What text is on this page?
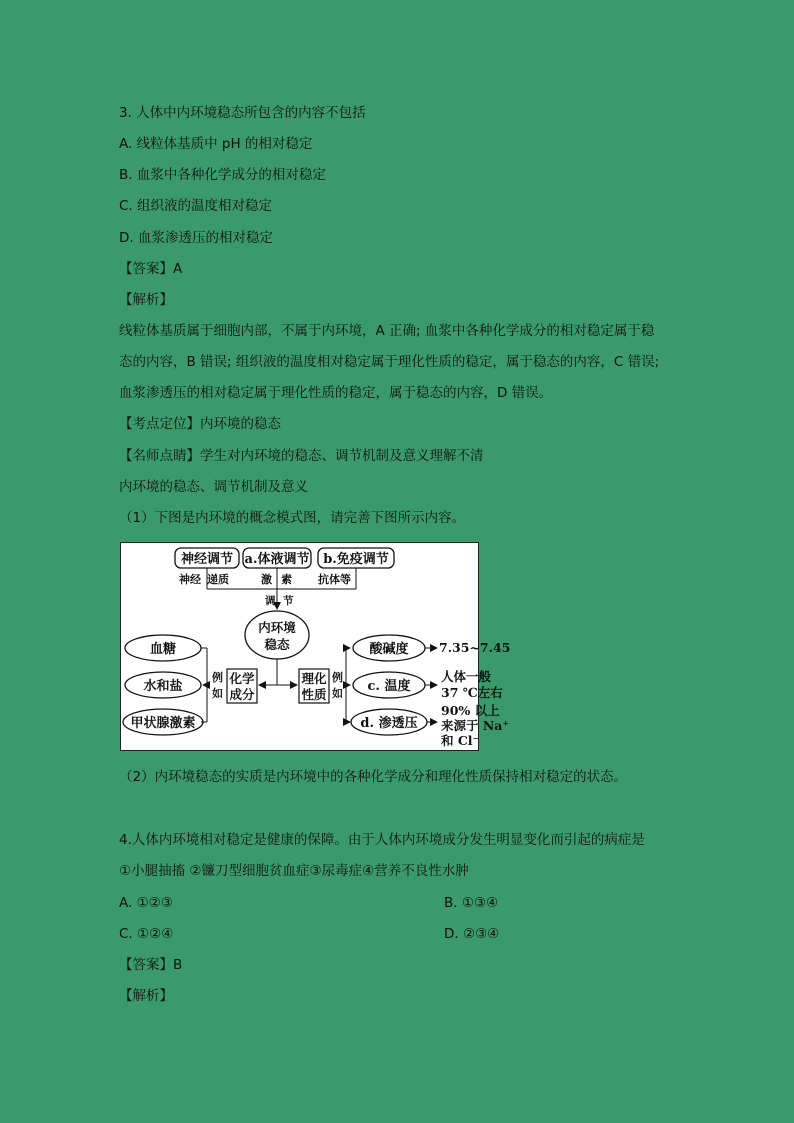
3. 人体中内环境稳态所包含的内容不包括
A. 线粒体基质中 pH 的相对稳定
B. 血浆中各种化学成分的相对稳定
C. 组织液的温度相对稳定
D. 血浆渗透压的相对稳定
【答案】A
【解析】
线粒体基质属于细胞内部，不属于内环境，A 正确; 血浆中各种化学成分的相对稳定属于稳
态的内容，B 错误; 组织液的温度相对稳定属于理化性质的稳定，属于稳态的内容，C 错误;
血浆渗透压的相对稳定属于理化性质的稳定，属于稳态的内容，D 错误。
【考点定位】内环境的稳态
【名师点睛】学生对内环境的稳态、调节机制及意义理解不清
内环境的稳态、调节机制及意义
（1）下图是内环境的概念模式图，请完善下图所示内容。
神经调节 a.体液调节 b.免疫调节
神经 递质	激 素 抗体等
调 节
内环境
稳态
血糖
水和盐
甲状腺激素
例
如
化学
成分
理化
性质
例
如
酸碱度
c. 温度
d. 渗透压
7.35~7.45
人体一般
37 ℃左右
90% 以上
来源于 Na⁺
和 Cl⁻
（2）内环境稳态的实质是内环境中的各种化学成分和理化性质保持相对稳定的状态。
4.人体内环境相对稳定是健康的保障。由于人体内环境成分发生明显变化而引起的病症是
①小腿抽搐 ②镰刀型细胞贫血症③尿毒症④营养不良性水肿
A. ①②③	B. ①③④
C. ①②④	D. ②③④
【答案】B
【解析】
